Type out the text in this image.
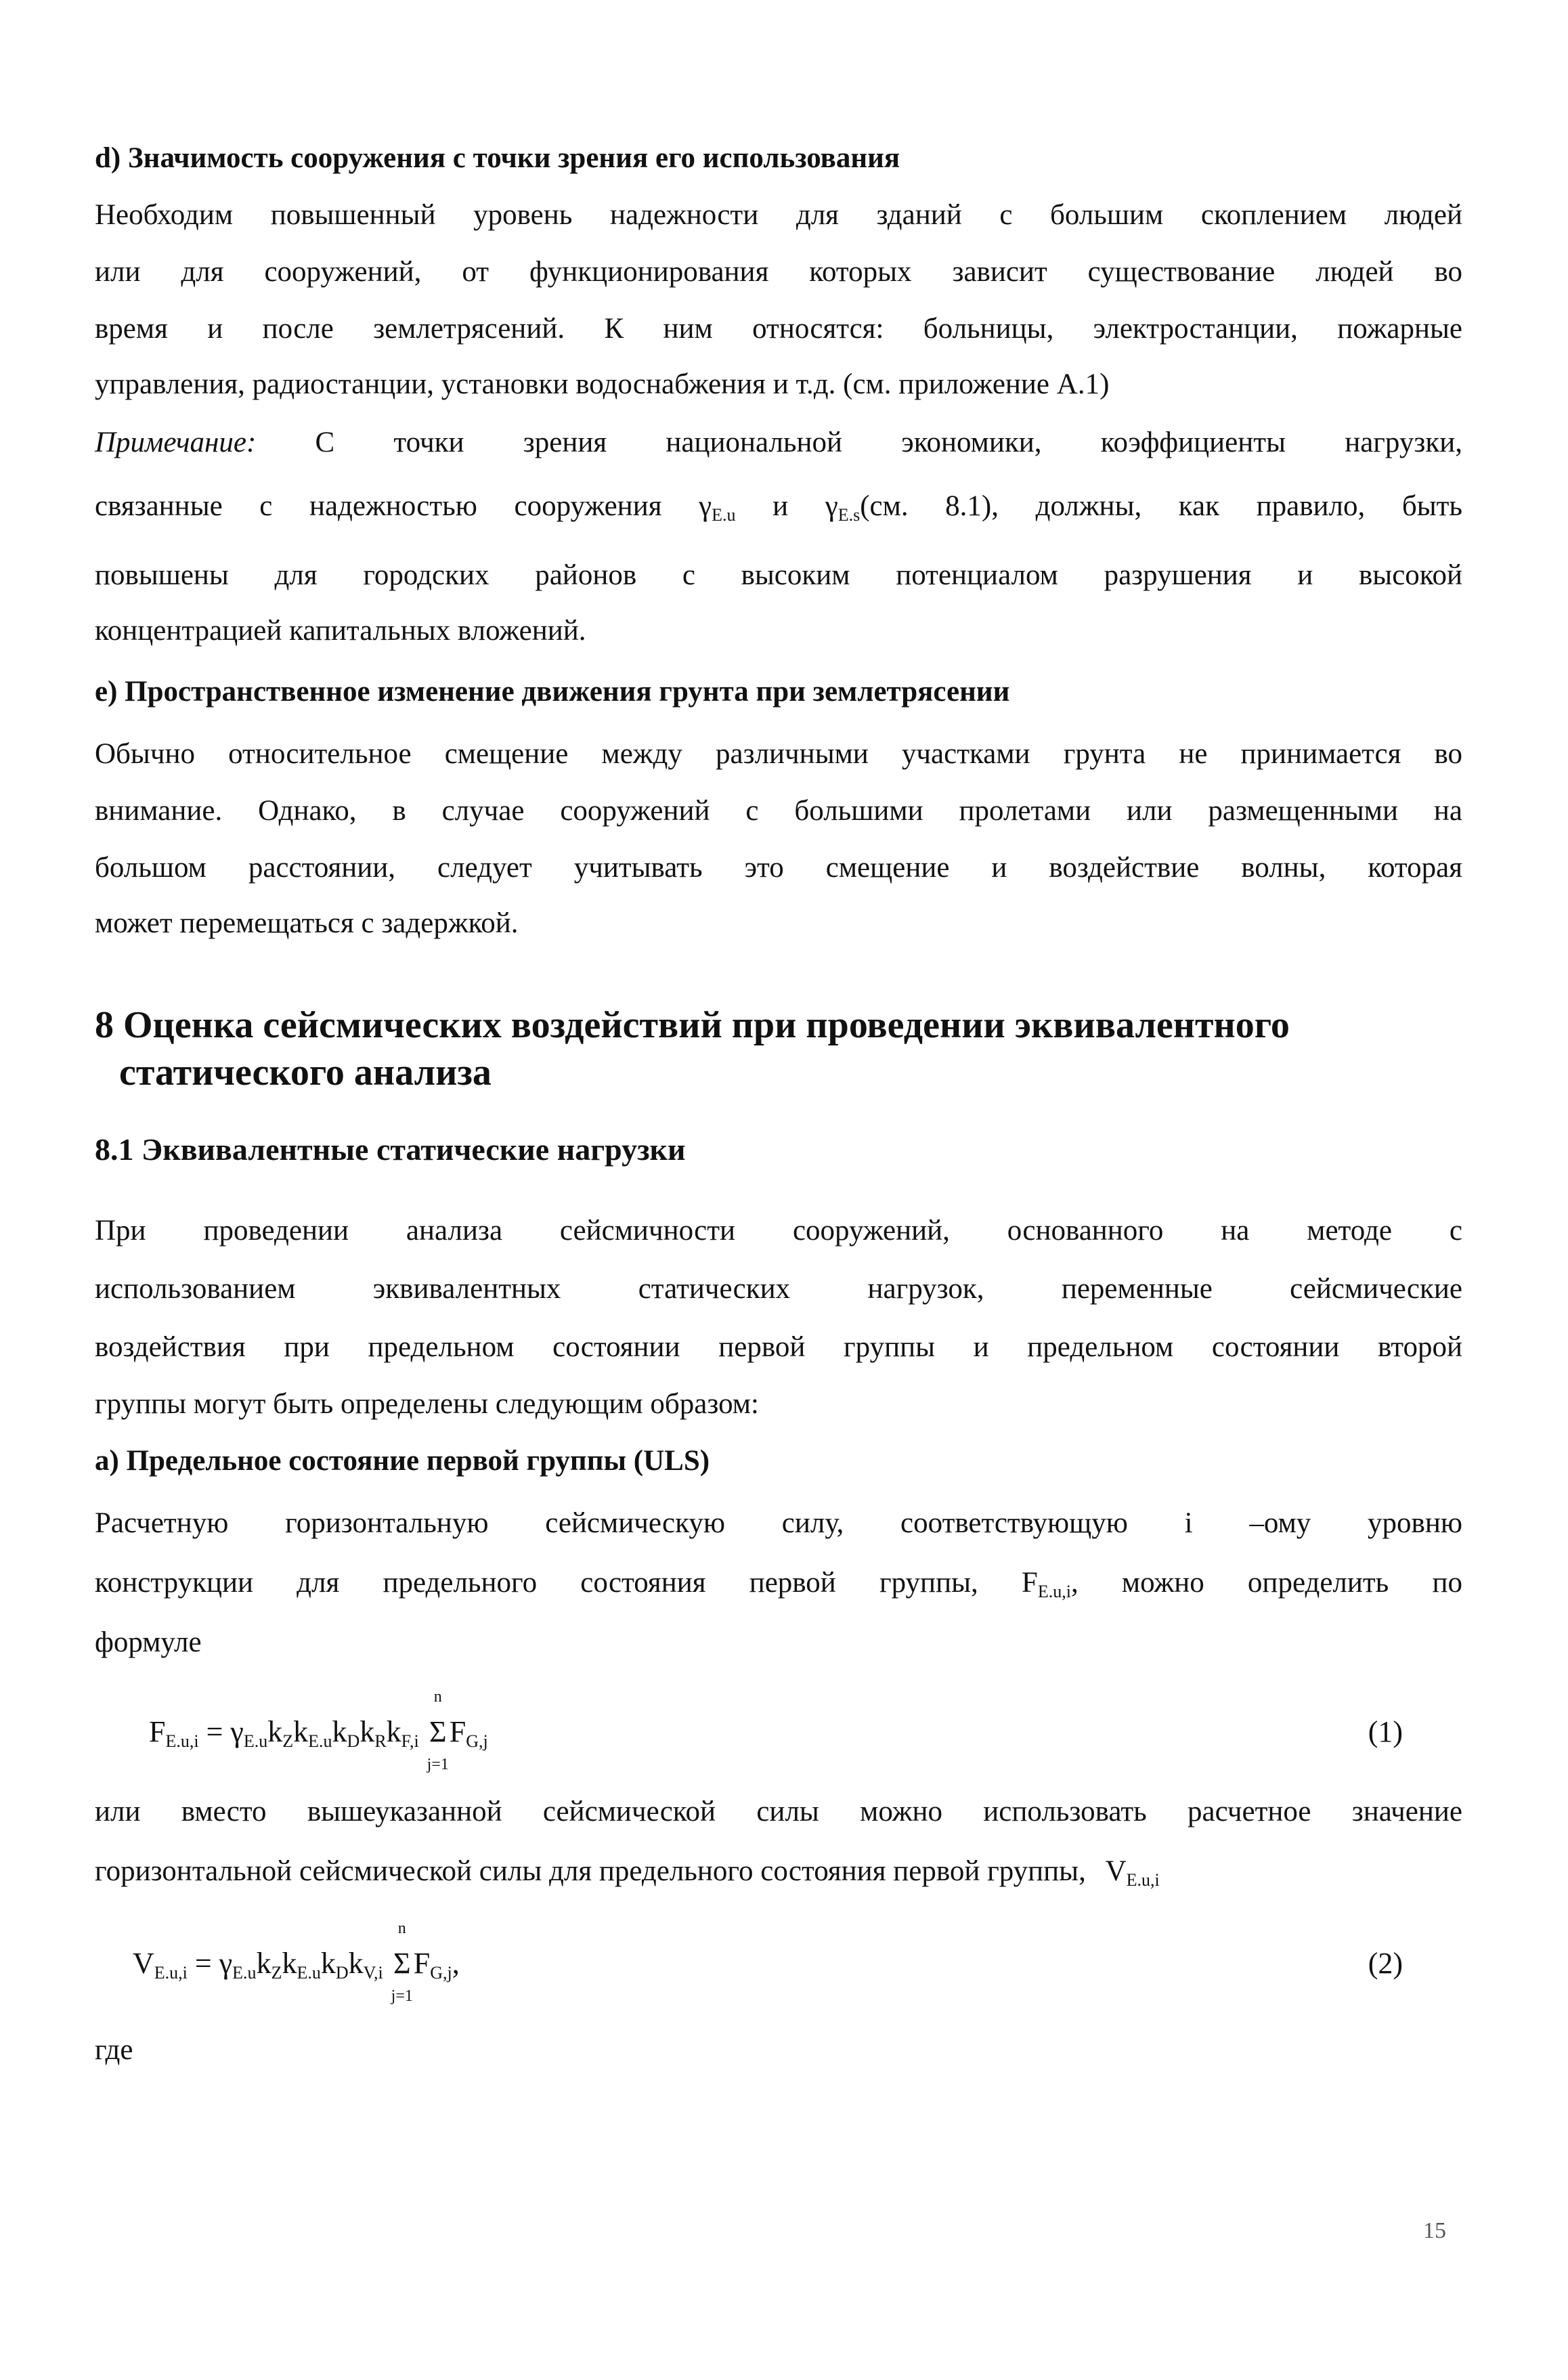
d) Значимость сооружения с точки зрения его использования

Необходим повышенный уровень надежности для зданий с большим скоплением людей

или для сооружений, от функционирования которых зависит существование людей во

время и после землетрясений. К ним относятся: больницы, электростанции, пожарные

управления, радиостанции, установки водоснабжения и т.д. (см. приложение А.1)

Примечание: С точки зрения национальной экономики, коэффициенты нагрузки,

связанные с надежностью сооружения $\gamma_{E.u}$ и $\gamma_{E.s}(см$. 8.1), должны, как правило, быть

повышены для городских районов с высоким потенциалом разрушения и высокой

концентрацией капитальных вложений.

е) Пространственное изменение движения грунта при землетрясении

Обычно относительное смещение между различными участками грунта не принимается во

внимание. Однако, в случае сооружений с большими пролетами или размещенными на

большом расстоянии, следует учитывать это смещение и воздействие волны, которая

может перемещаться с задержкой.

8 Оценка сейсмических воздействий при проведении эквивалентного

статического анализа

8.1 Эквивалентные статические нагрузки

При проведении анализа сейсмичности сооружений, основанного на методе с

использованием эквивалентных статических нагрузок, переменные сейсмические

воздействия при предельном состоянии первой группы и предельном состоянии второй

группы могут быть определены следующим образом:

а) Предельное состояние первой группы (ULS)

Расчетную горизонтальную сейсмическую силу, соответствующую i –ому уровню

конструкции для предельного состояния первой группы, $F_{E.u,i}$, можно определить по

формуле

$F_{E.u,i} = \gamma_{E.u}k_Zk_{E.u}k_Dk_Rk_{F,i}$
n
Σ
j=1
$F_{G,j}$	(1)

или вместо вышеуказанной сейсмической силы можно использовать расчетное значение

горизонтальной сейсмической силы для предельного состояния первой группы, $V_{E.u,i}$

$V_{E.u,i} = \gamma_{E.u}k_Zk_{E.u}k_Dk_{V,i}$
n
Σ
j=1
$F_{G,j}$,	(2)

где

15
